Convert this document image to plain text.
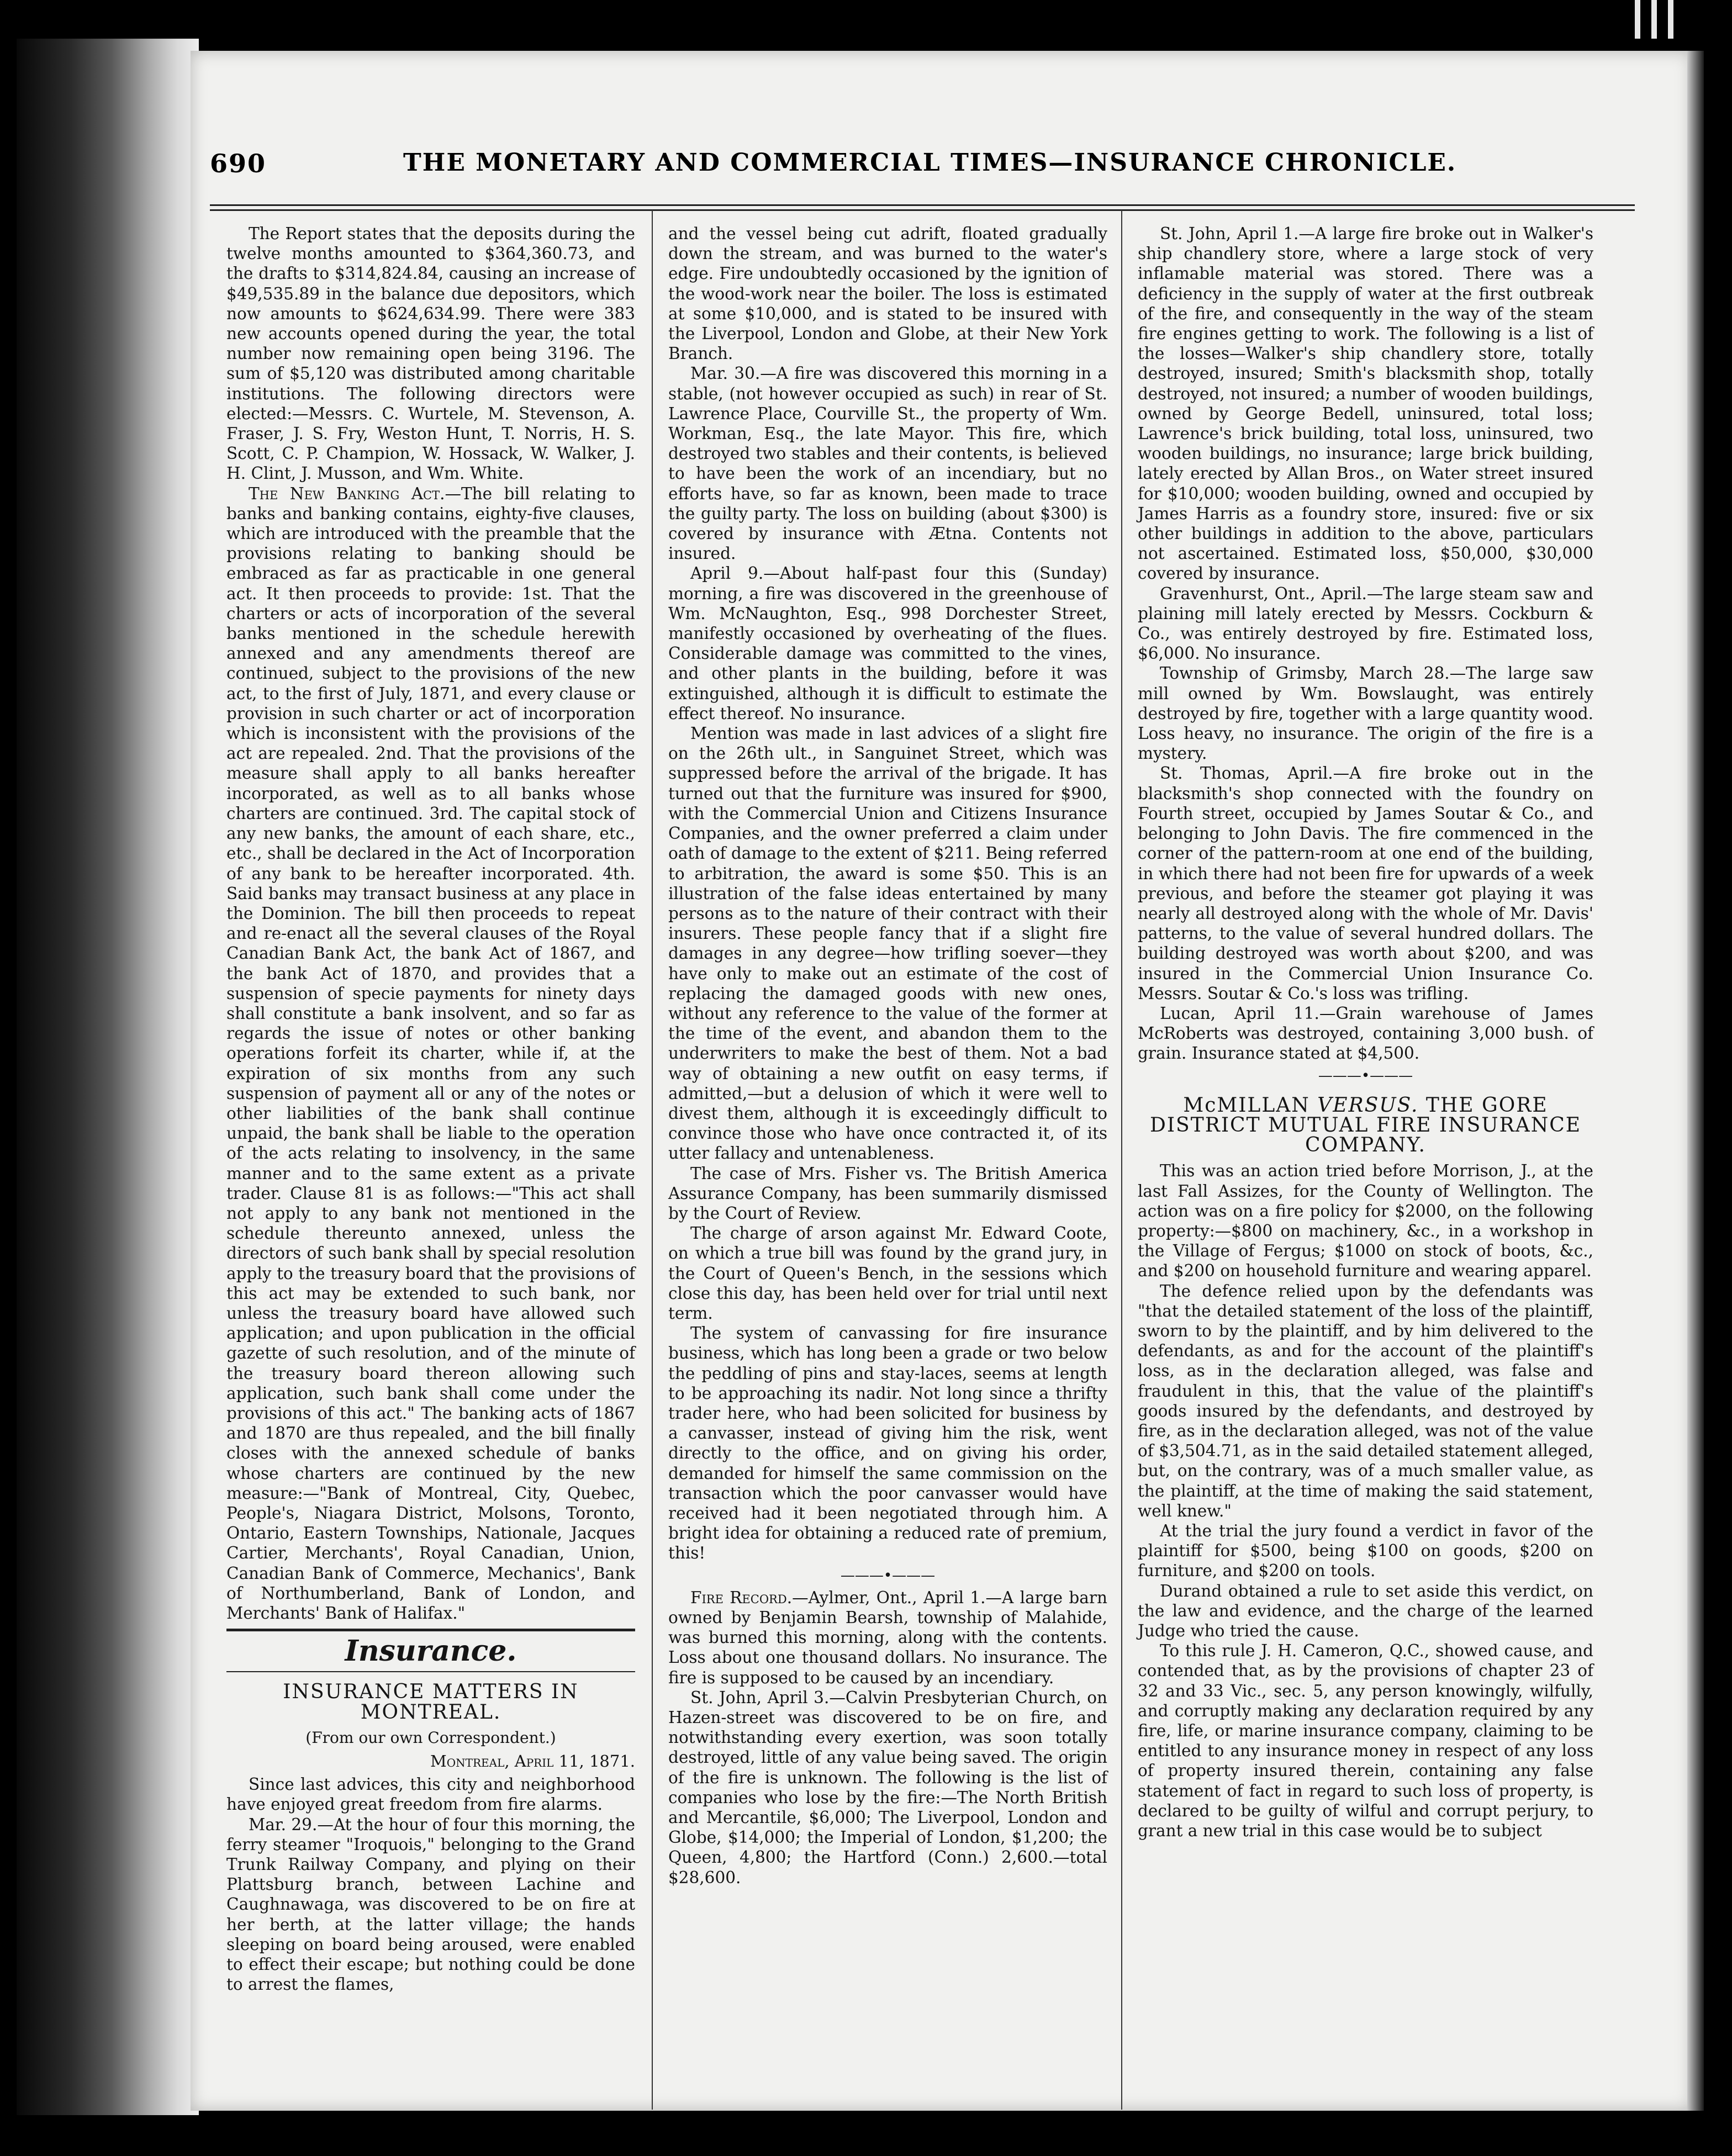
690	THE MONETARY AND COMMERCIAL TIMES—INSURANCE CHRONICLE.

The Report states that the deposits during the twelve months amounted to $364,360.73, and the drafts to $314,824.84, causing an increase of $49,535.89 in the balance due depositors, which now amounts to $624,634.99. There were 383 new accounts opened during the year, the total number now remaining open being 3196. The sum of $5,120 was distributed among charitable institutions. The following directors were elected:—Messrs. C. Wurtele, M. Stevenson, A. Fraser, J. S. Fry, Weston Hunt, T. Norris, H. S. Scott, C. P. Champion, W. Hossack, W. Walker, J. H. Clint, J. Musson, and Wm. White.

The New Banking Act.—The bill relating to banks and banking contains, eighty-five clauses, which are introduced with the preamble that the provisions relating to banking should be embraced as far as practicable in one general act. It then proceeds to provide: 1st. That the charters or acts of incorporation of the several banks mentioned in the schedule herewith annexed and any amendments thereof are continued, subject to the provisions of the new act, to the first of July, 1871, and every clause or provision in such charter or act of incorporation which is inconsistent with the provisions of the act are repealed. 2nd. That the provisions of the measure shall apply to all banks hereafter incorporated, as well as to all banks whose charters are continued. 3rd. The capital stock of any new banks, the amount of each share, etc., etc., shall be declared in the Act of Incorporation of any bank to be hereafter incorporated. 4th. Said banks may transact business at any place in the Dominion. The bill then proceeds to repeat and re-enact all the several clauses of the Royal Canadian Bank Act, the bank Act of 1867, and the bank Act of 1870, and provides that a suspension of specie payments for ninety days shall constitute a bank insolvent, and so far as regards the issue of notes or other banking operations forfeit its charter, while if, at the expiration of six months from any such suspension of payment all or any of the notes or other liabilities of the bank shall continue unpaid, the bank shall be liable to the operation of the acts relating to insolvency, in the same manner and to the same extent as a private trader. Clause 81 is as follows:—"This act shall not apply to any bank not mentioned in the schedule thereunto annexed, unless the directors of such bank shall by special resolution apply to the treasury board that the provisions of this act may be extended to such bank, nor unless the treasury board have allowed such application; and upon publication in the official gazette of such resolution, and of the minute of the treasury board thereon allowing such application, such bank shall come under the provisions of this act." The banking acts of 1867 and 1870 are thus repealed, and the bill finally closes with the annexed schedule of banks whose charters are continued by the new measure:—"Bank of Montreal, City, Quebec, People's, Niagara District, Molsons, Toronto, Ontario, Eastern Townships, Nationale, Jacques Cartier, Merchants', Royal Canadian, Union, Canadian Bank of Commerce, Mechanics', Bank of Northumberland, Bank of London, and Merchants' Bank of Halifax."

Insurance.
INSURANCE MATTERS IN MONTREAL.
(From our own Correspondent.)
Montreal, April 11, 1871.

Since last advices, this city and neighborhood have enjoyed great freedom from fire alarms.

Mar. 29.—At the hour of four this morning, the ferry steamer "Iroquois," belonging to the Grand Trunk Railway Company, and plying on their Plattsburg branch, between Lachine and Caughnawaga, was discovered to be on fire at her berth, at the latter village; the hands sleeping on board being aroused, were enabled to effect their escape; but nothing could be done to arrest the flames,

and the vessel being cut adrift, floated gradually down the stream, and was burned to the water's edge. Fire undoubtedly occasioned by the ignition of the wood-work near the boiler. The loss is estimated at some $10,000, and is stated to be insured with the Liverpool, London and Globe, at their New York Branch.

Mar. 30.—A fire was discovered this morning in a stable, (not however occupied as such) in rear of St. Lawrence Place, Courville St., the property of Wm. Workman, Esq., the late Mayor. This fire, which destroyed two stables and their contents, is believed to have been the work of an incendiary, but no efforts have, so far as known, been made to trace the guilty party. The loss on building (about $300) is covered by insurance with Ætna. Contents not insured.

April 9.—About half-past four this (Sunday) morning, a fire was discovered in the greenhouse of Wm. McNaughton, Esq., 998 Dorchester Street, manifestly occasioned by overheating of the flues. Considerable damage was committed to the vines, and other plants in the building, before it was extinguished, although it is difficult to estimate the effect thereof. No insurance.

Mention was made in last advices of a slight fire on the 26th ult., in Sanguinet Street, which was suppressed before the arrival of the brigade. It has turned out that the furniture was insured for $900, with the Commercial Union and Citizens Insurance Companies, and the owner preferred a claim under oath of damage to the extent of $211. Being referred to arbitration, the award is some $50. This is an illustration of the false ideas entertained by many persons as to the nature of their contract with their insurers. These people fancy that if a slight fire damages in any degree—how trifling soever—they have only to make out an estimate of the cost of replacing the damaged goods with new ones, without any reference to the value of the former at the time of the event, and abandon them to the underwriters to make the best of them. Not a bad way of obtaining a new outfit on easy terms, if admitted,—but a delusion of which it were well to divest them, although it is exceedingly difficult to convince those who have once contracted it, of its utter fallacy and untenableness.

The case of Mrs. Fisher vs. The British America Assurance Company, has been summarily dismissed by the Court of Review.

The charge of arson against Mr. Edward Coote, on which a true bill was found by the grand jury, in the Court of Queen's Bench, in the sessions which close this day, has been held over for trial until next term.

The system of canvassing for fire insurance business, which has long been a grade or two below the peddling of pins and stay-laces, seems at length to be approaching its nadir. Not long since a thrifty trader here, who had been solicited for business by a canvasser, instead of giving him the risk, went directly to the office, and on giving his order, demanded for himself the same commission on the transaction which the poor canvasser would have received had it been negotiated through him. A bright idea for obtaining a reduced rate of premium, this!

———•———

Fire Record.—Aylmer, Ont., April 1.—A large barn owned by Benjamin Bearsh, township of Malahide, was burned this morning, along with the contents. Loss about one thousand dollars. No insurance. The fire is supposed to be caused by an incendiary.

St. John, April 3.—Calvin Presbyterian Church, on Hazen-street was discovered to be on fire, and notwithstanding every exertion, was soon totally destroyed, little of any value being saved. The origin of the fire is unknown. The following is the list of companies who lose by the fire:—The North British and Mercantile, $6,000; The Liverpool, London and Globe, $14,000; the Imperial of London, $1,200; the Queen, 4,800; the Hartford (Conn.) 2,600.—total $28,600.

St. John, April 1.—A large fire broke out in Walker's ship chandlery store, where a large stock of very inflamable material was stored. There was a deficiency in the supply of water at the first outbreak of the fire, and consequently in the way of the steam fire engines getting to work. The following is a list of the losses—Walker's ship chandlery store, totally destroyed, insured; Smith's blacksmith shop, totally destroyed, not insured; a number of wooden buildings, owned by George Bedell, uninsured, total loss; Lawrence's brick building, total loss, uninsured, two wooden buildings, no insurance; large brick building, lately erected by Allan Bros., on Water street insured for $10,000; wooden building, owned and occupied by James Harris as a foundry store, insured: five or six other buildings in addition to the above, particulars not ascertained. Estimated loss, $50,000, $30,000 covered by insurance.

Gravenhurst, Ont., April.—The large steam saw and plaining mill lately erected by Messrs. Cockburn & Co., was entirely destroyed by fire. Estimated loss, $6,000. No insurance.

Township of Grimsby, March 28.—The large saw mill owned by Wm. Bowslaught, was entirely destroyed by fire, together with a large quantity wood. Loss heavy, no insurance. The origin of the fire is a mystery.

St. Thomas, April.—A fire broke out in the blacksmith's shop connected with the foundry on Fourth street, occupied by James Soutar & Co., and belonging to John Davis. The fire commenced in the corner of the pattern-room at one end of the building, in which there had not been fire for upwards of a week previous, and before the steamer got playing it was nearly all destroyed along with the whole of Mr. Davis' patterns, to the value of several hundred dollars. The building destroyed was worth about $200, and was insured in the Commercial Union Insurance Co. Messrs. Soutar & Co.'s loss was trifling.

Lucan, April 11.—Grain warehouse of James McRoberts was destroyed, containing 3,000 bush. of grain. Insurance stated at $4,500.

———•———
McMILLAN VERSUS. THE GORE DISTRICT MUTUAL FIRE INSURANCE COMPANY.

This was an action tried before Morrison, J., at the last Fall Assizes, for the County of Wellington. The action was on a fire policy for $2000, on the following property:—$800 on machinery, &c., in a workshop in the Village of Fergus; $1000 on stock of boots, &c., and $200 on household furniture and wearing apparel.

The defence relied upon by the defendants was "that the detailed statement of the loss of the plaintiff, sworn to by the plaintiff, and by him delivered to the defendants, as and for the account of the plaintiff's loss, as in the declaration alleged, was false and fraudulent in this, that the value of the plaintiff's goods insured by the defendants, and destroyed by fire, as in the declaration alleged, was not of the value of $3,504.71, as in the said detailed statement alleged, but, on the contrary, was of a much smaller value, as the plaintiff, at the time of making the said statement, well knew."

At the trial the jury found a verdict in favor of the plaintiff for $500, being $100 on goods, $200 on furniture, and $200 on tools.

Durand obtained a rule to set aside this verdict, on the law and evidence, and the charge of the learned Judge who tried the cause.

To this rule J. H. Cameron, Q.C., showed cause, and contended that, as by the provisions of chapter 23 of 32 and 33 Vic., sec. 5, any person knowingly, wilfully, and corruptly making any declaration required by any fire, life, or marine insurance company, claiming to be entitled to any insurance money in respect of any loss of property insured therein, containing any false statement of fact in regard to such loss of property, is declared to be guilty of wilful and corrupt perjury, to grant a new trial in this case would be to subject
